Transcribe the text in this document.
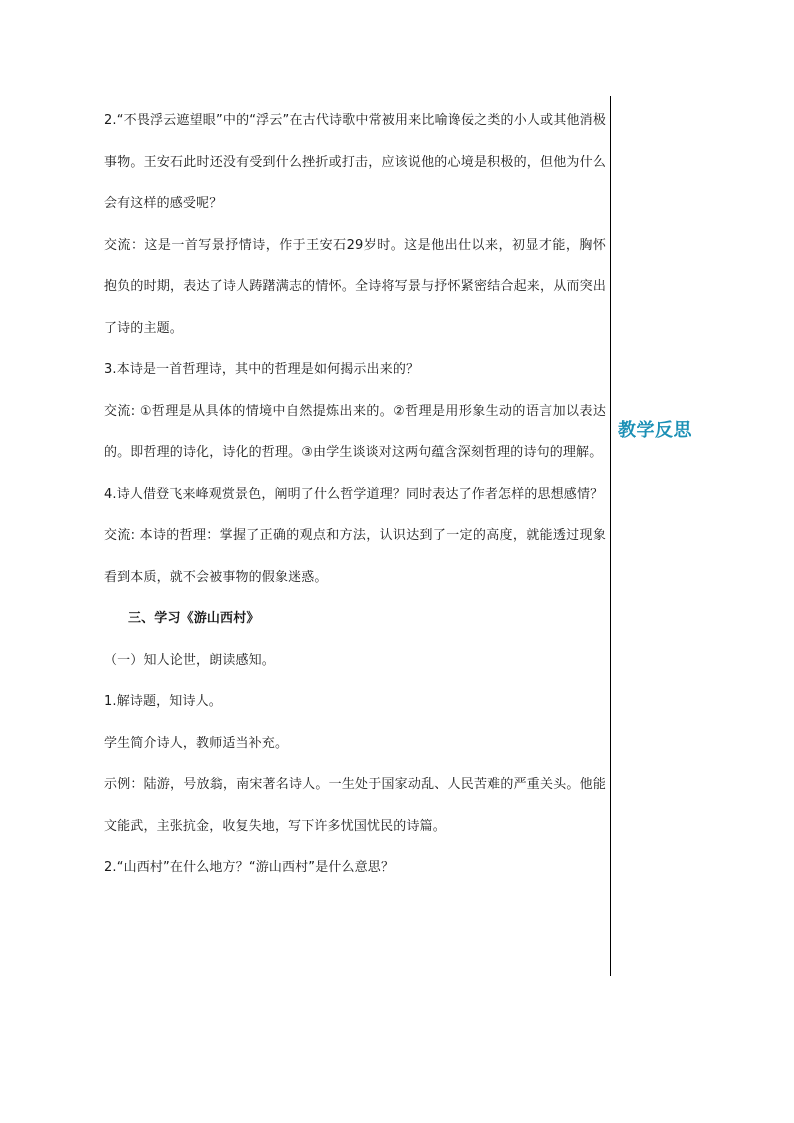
2.“不畏浮云遮望眼”中的“浮云”在古代诗歌中常被用来比喻谗佞之类的小人或其他消极事物。王安石此时还没有受到什么挫折或打击，应该说他的心境是积极的，但他为什么会有这样的感受呢？

交流：这是一首写景抒情诗，作于王安石29岁时。这是他出仕以来，初显才能，胸怀抱负的时期，表达了诗人踌躇满志的情怀。全诗将写景与抒怀紧密结合起来，从而突出了诗的主题。

3.本诗是一首哲理诗，其中的哲理是如何揭示出来的？

交流: ①哲理是从具体的情境中自然提炼出来的。②哲理是用形象生动的语言加以表达的。即哲理的诗化，诗化的哲理。③由学生谈谈对这两句蕴含深刻哲理的诗句的理解。

4.诗人借登飞来峰观赏景色，阐明了什么哲学道理？同时表达了作者怎样的思想感情？

交流: 本诗的哲理：掌握了正确的观点和方法，认识达到了一定的高度，就能透过现象看到本质，就不会被事物的假象迷惑。

三、学习《游山西村》

（一）知人论世，朗读感知。

1.解诗题，知诗人。

学生简介诗人，教师适当补充。

示例：陆游，号放翁，南宋著名诗人。一生处于国家动乱、人民苦难的严重关头。他能文能武，主张抗金，收复失地，写下许多忧国忧民的诗篇。

2.“山西村”在什么地方？“游山西村”是什么意思？

教学反思
